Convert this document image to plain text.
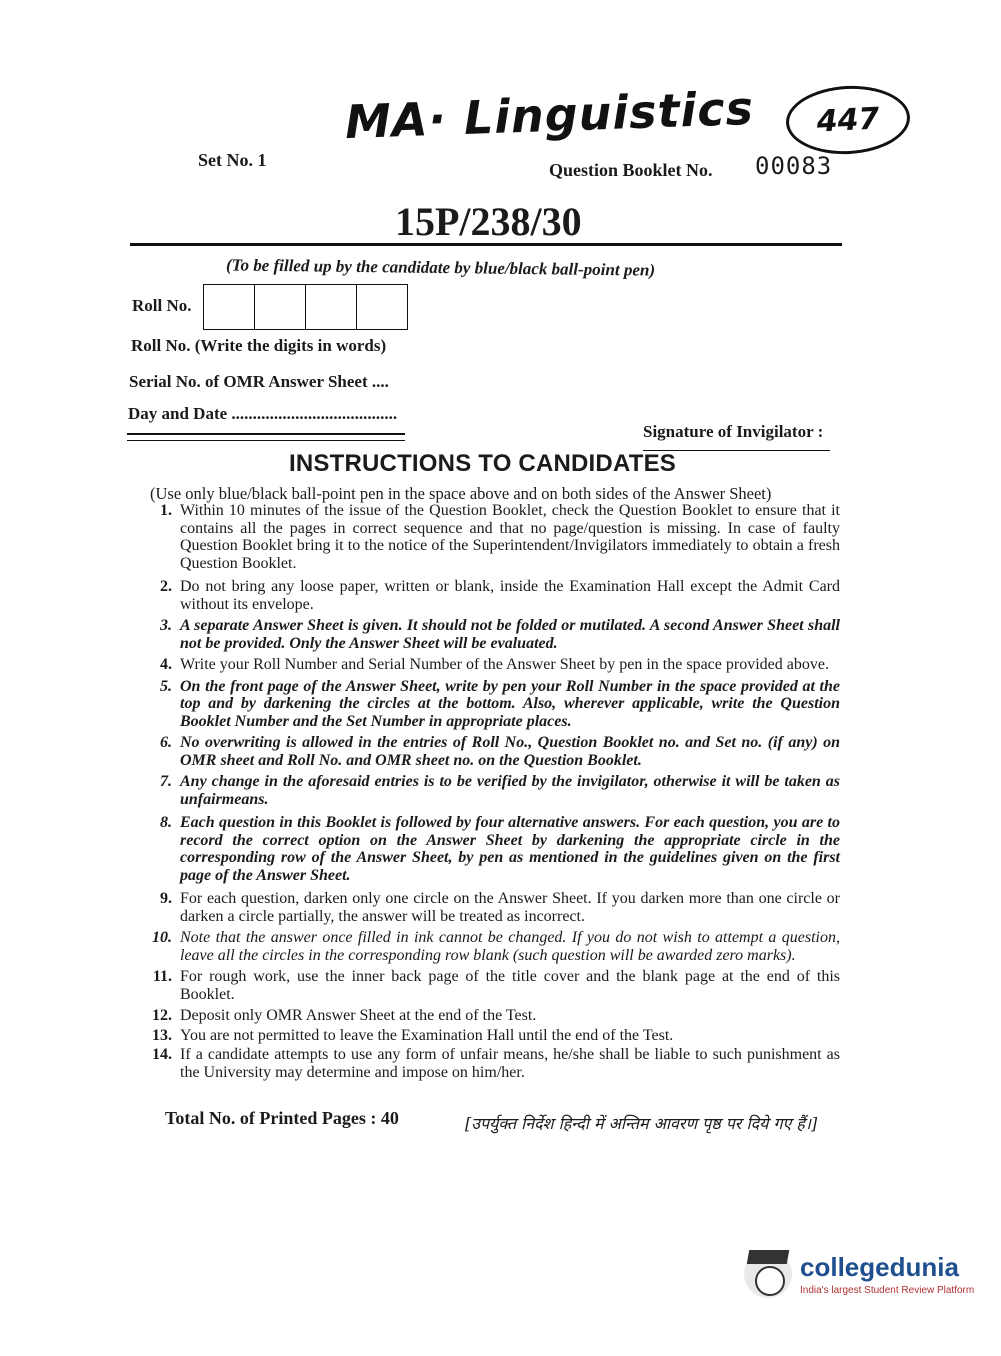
MA· Linguistics	447
Set No. 1	Question Booklet No. 00083
15P/238/30
(To be filled up by the candidate by blue/black ball-point pen)
Roll No.
Roll No. (Write the digits in words)
Serial No. of OMR Answer Sheet ....
Day and Date .......................................
Signature of Invigilator :
INSTRUCTIONS TO CANDIDATES
(Use only blue/black ball-point pen in the space above and on both sides of the Answer Sheet)
1. Within 10 minutes of the issue of the Question Booklet, check the Question Booklet to ensure that it contains all the pages in correct sequence and that no page/question is missing. In case of faulty Question Booklet bring it to the notice of the Superintendent/Invigilators immediately to obtain a fresh Question Booklet.
2. Do not bring any loose paper, written or blank, inside the Examination Hall except the Admit Card without its envelope.
3. A separate Answer Sheet is given. It should not be folded or mutilated. A second Answer Sheet shall not be provided. Only the Answer Sheet will be evaluated.
4. Write your Roll Number and Serial Number of the Answer Sheet by pen in the space provided above.
5. On the front page of the Answer Sheet, write by pen your Roll Number in the space provided at the top and by darkening the circles at the bottom. Also, wherever applicable, write the Question Booklet Number and the Set Number in appropriate places.
6. No overwriting is allowed in the entries of Roll No., Question Booklet no. and Set no. (if any) on OMR sheet and Roll No. and OMR sheet no. on the Question Booklet.
7. Any change in the aforesaid entries is to be verified by the invigilator, otherwise it will be taken as unfairmeans.
8. Each question in this Booklet is followed by four alternative answers. For each question, you are to record the correct option on the Answer Sheet by darkening the appropriate circle in the corresponding row of the Answer Sheet, by pen as mentioned in the guidelines given on the first page of the Answer Sheet.
9. For each question, darken only one circle on the Answer Sheet. If you darken more than one circle or darken a circle partially, the answer will be treated as incorrect.
10. Note that the answer once filled in ink cannot be changed. If you do not wish to attempt a question, leave all the circles in the corresponding row blank (such question will be awarded zero marks).
11. For rough work, use the inner back page of the title cover and the blank page at the end of this Booklet.
12. Deposit only OMR Answer Sheet at the end of the Test.
13. You are not permitted to leave the Examination Hall until the end of the Test.
14. If a candidate attempts to use any form of unfair means, he/she shall be liable to such punishment as the University may determine and impose on him/her.
Total No. of Printed Pages : 40	[उपर्युक्त निर्देश हिन्दी में अन्तिम आवरण पृष्ठ पर दिये गए हैं।]
collegedunia
India's largest Student Review Platform
